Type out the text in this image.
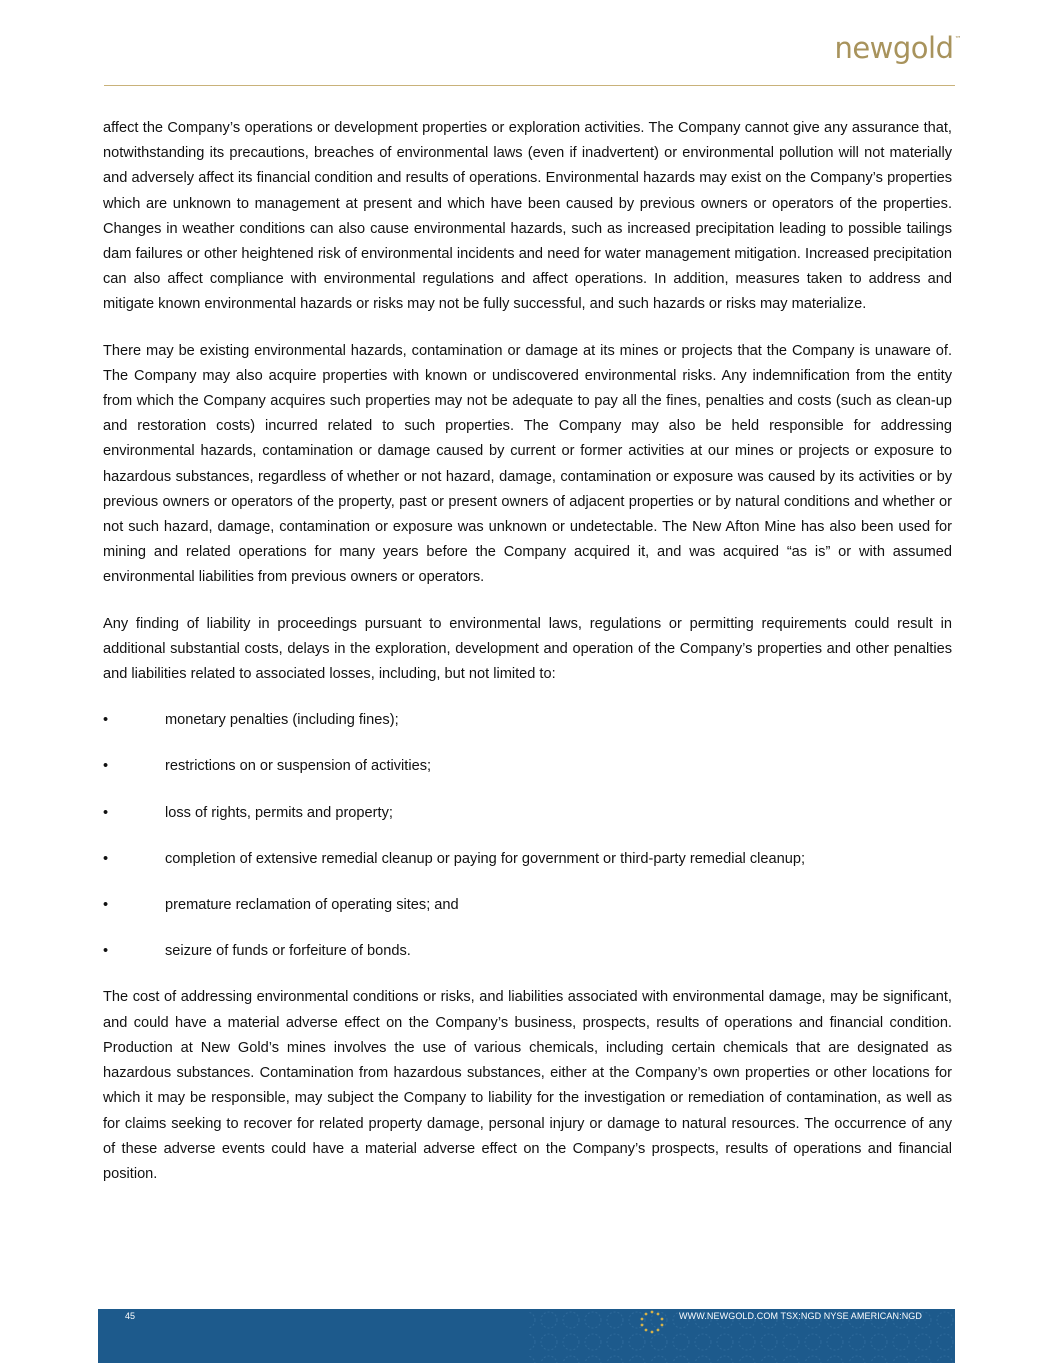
newgold™

affect the Company’s operations or development properties or exploration activities. The Company cannot give any assurance that, notwithstanding its precautions, breaches of environmental laws (even if inadvertent) or environmental pollution will not materially and adversely affect its financial condition and results of operations. Environmental hazards may exist on the Company’s properties which are unknown to management at present and which have been caused by previous owners or operators of the properties. Changes in weather conditions can also cause environmental hazards, such as increased precipitation leading to possible tailings dam failures or other heightened risk of environmental incidents and need for water management mitigation. Increased precipitation can also affect compliance with environmental regulations and affect operations. In addition, measures taken to address and mitigate known environmental hazards or risks may not be fully successful, and such hazards or risks may materialize.

There may be existing environmental hazards, contamination or damage at its mines or projects that the Company is unaware of. The Company may also acquire properties with known or undiscovered environmental risks. Any indemnification from the entity from which the Company acquires such properties may not be adequate to pay all the fines, penalties and costs (such as clean-up and restoration costs) incurred related to such properties. The Company may also be held responsible for addressing environmental hazards, contamination or damage caused by current or former activities at our mines or projects or exposure to hazardous substances, regardless of whether or not hazard, damage, contamination or exposure was caused by its activities or by previous owners or operators of the property, past or present owners of adjacent properties or by natural conditions and whether or not such hazard, damage, contamination or exposure was unknown or undetectable. The New Afton Mine has also been used for mining and related operations for many years before the Company acquired it, and was acquired “as is” or with assumed environmental liabilities from previous owners or operators.

Any finding of liability in proceedings pursuant to environmental laws, regulations or permitting requirements could result in additional substantial costs, delays in the exploration, development and operation of the Company’s properties and other penalties and liabilities related to associated losses, including, but not limited to:

•	monetary penalties (including fines);
•	restrictions on or suspension of activities;
•	loss of rights, permits and property;
•	completion of extensive remedial cleanup or paying for government or third-party remedial cleanup;
•	premature reclamation of operating sites; and
•	seizure of funds or forfeiture of bonds.

The cost of addressing environmental conditions or risks, and liabilities associated with environmental damage, may be significant, and could have a material adverse effect on the Company’s business, prospects, results of operations and financial condition. Production at New Gold’s mines involves the use of various chemicals, including certain chemicals that are designated as hazardous substances. Contamination from hazardous substances, either at the Company’s own properties or other locations for which it may be responsible, may subject the Company to liability for the investigation or remediation of contamination, as well as for claims seeking to recover for related property damage, personal injury or damage to natural resources. The occurrence of any of these adverse events could have a material adverse effect on the Company’s prospects, results of operations and financial position.

45	WWW.NEWGOLD.COM TSX:NGD NYSE AMERICAN:NGD
